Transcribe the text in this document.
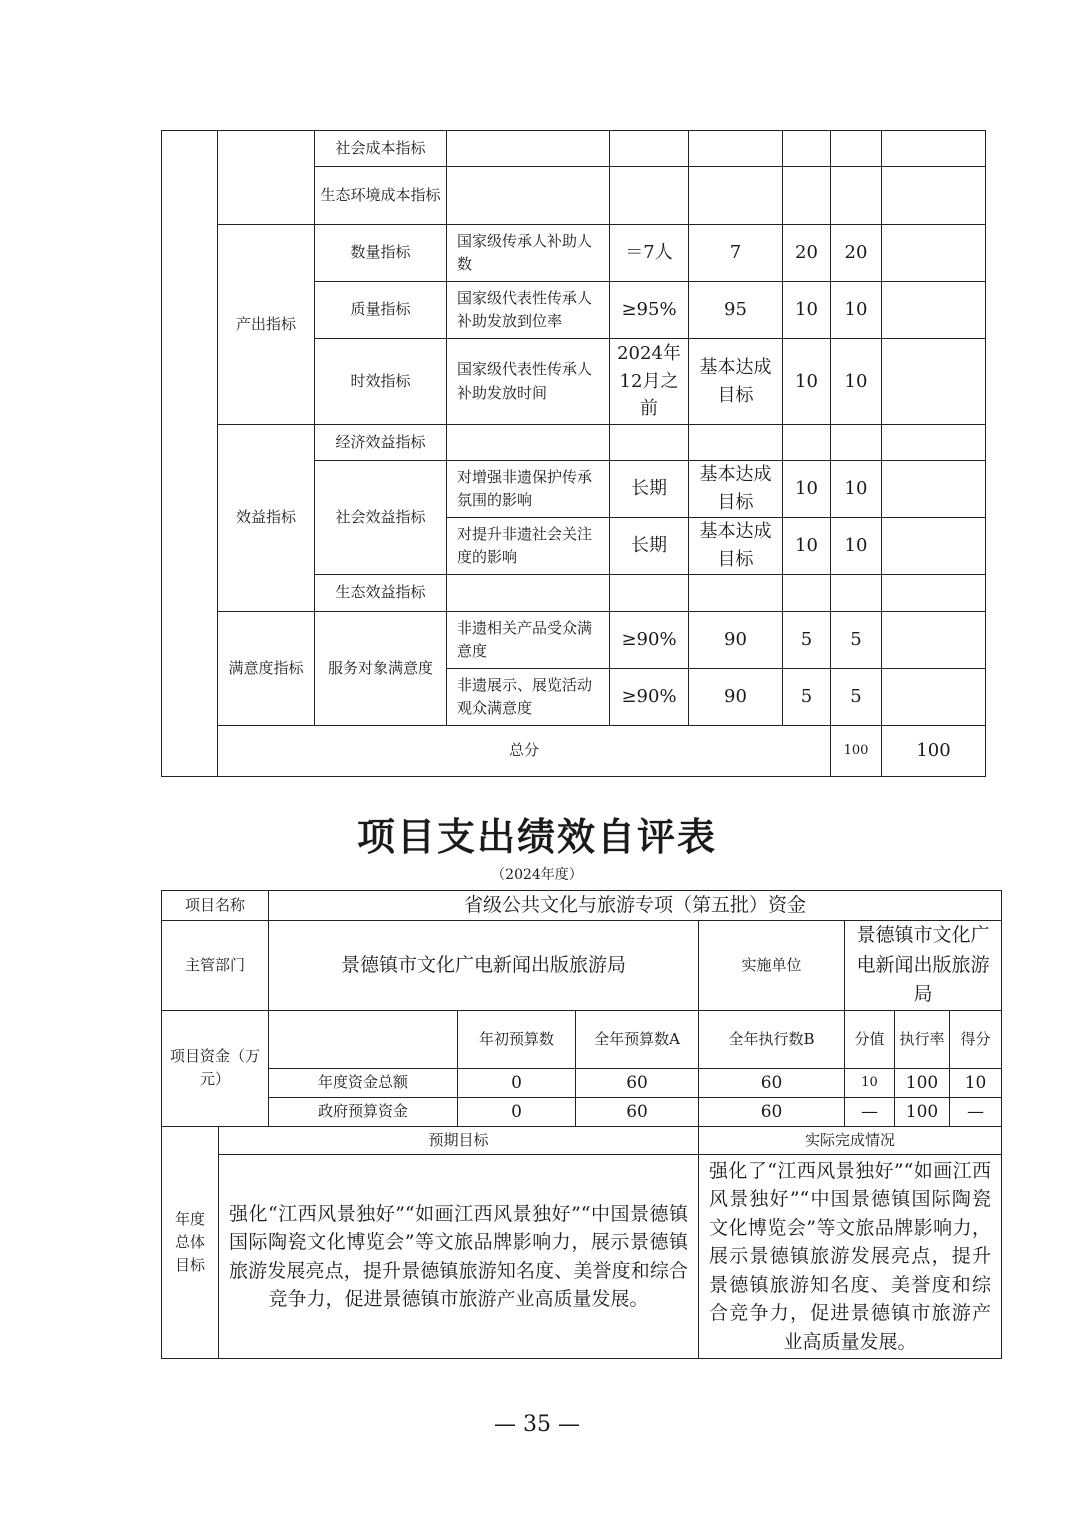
		社会成本指标							
		生态环境成本指标							
	产出指标	数量指标	国家级传承人补助人数	＝7人	7	20	20		
		质量指标	国家级代表性传承人补助发放到位率	≥95%	95	10	10		
		时效指标	国家级代表性传承人补助发放时间	2024年12月之前	基本达成目标	10	10		
	效益指标	经济效益指标							
		社会效益指标	对增强非遗保护传承氛围的影响	长期	基本达成目标	10	10		
			对提升非遗社会关注度的影响	长期	基本达成目标	10	10		
		生态效益指标							
	满意度指标	服务对象满意度	非遗相关产品受众满意度	≥90%	90	5	5		
			非遗展示、展览活动观众满意度	≥90%	90	5	5		
	总分						100	100	
项目支出绩效自评表
（2024年度）
项目名称		省级公共文化与旅游专项（第五批）资金						
主管部门		景德镇市文化广电新闻出版旅游局			实施单位	景德镇市文化广电新闻出版旅游局		
项目资金（万元）			年初预算数	全年预算数A	全年执行数B	分值	执行率	得分
		年度资金总额	0	60	60	10	100	10
		政府预算资金	0	60	60	—	100	—
年度总体目标	预期目标				实际完成情况			
	强化“江西风景独好”“如画江西风景独好”“中国景德镇国际陶瓷文化博览会”等文旅品牌影响力，展示景德镇旅游发展亮点，提升景德镇旅游知名度、美誉度和综合竞争力，促进景德镇市旅游产业高质量发展。				强化了“江西风景独好”“如画江西风景独好”“中国景德镇国际陶瓷文化博览会”等文旅品牌影响力，展示景德镇旅游发展亮点，提升景德镇旅游知名度、美誉度和综合竞争力，促进景德镇市旅游产业高质量发展。			
— 35 —
